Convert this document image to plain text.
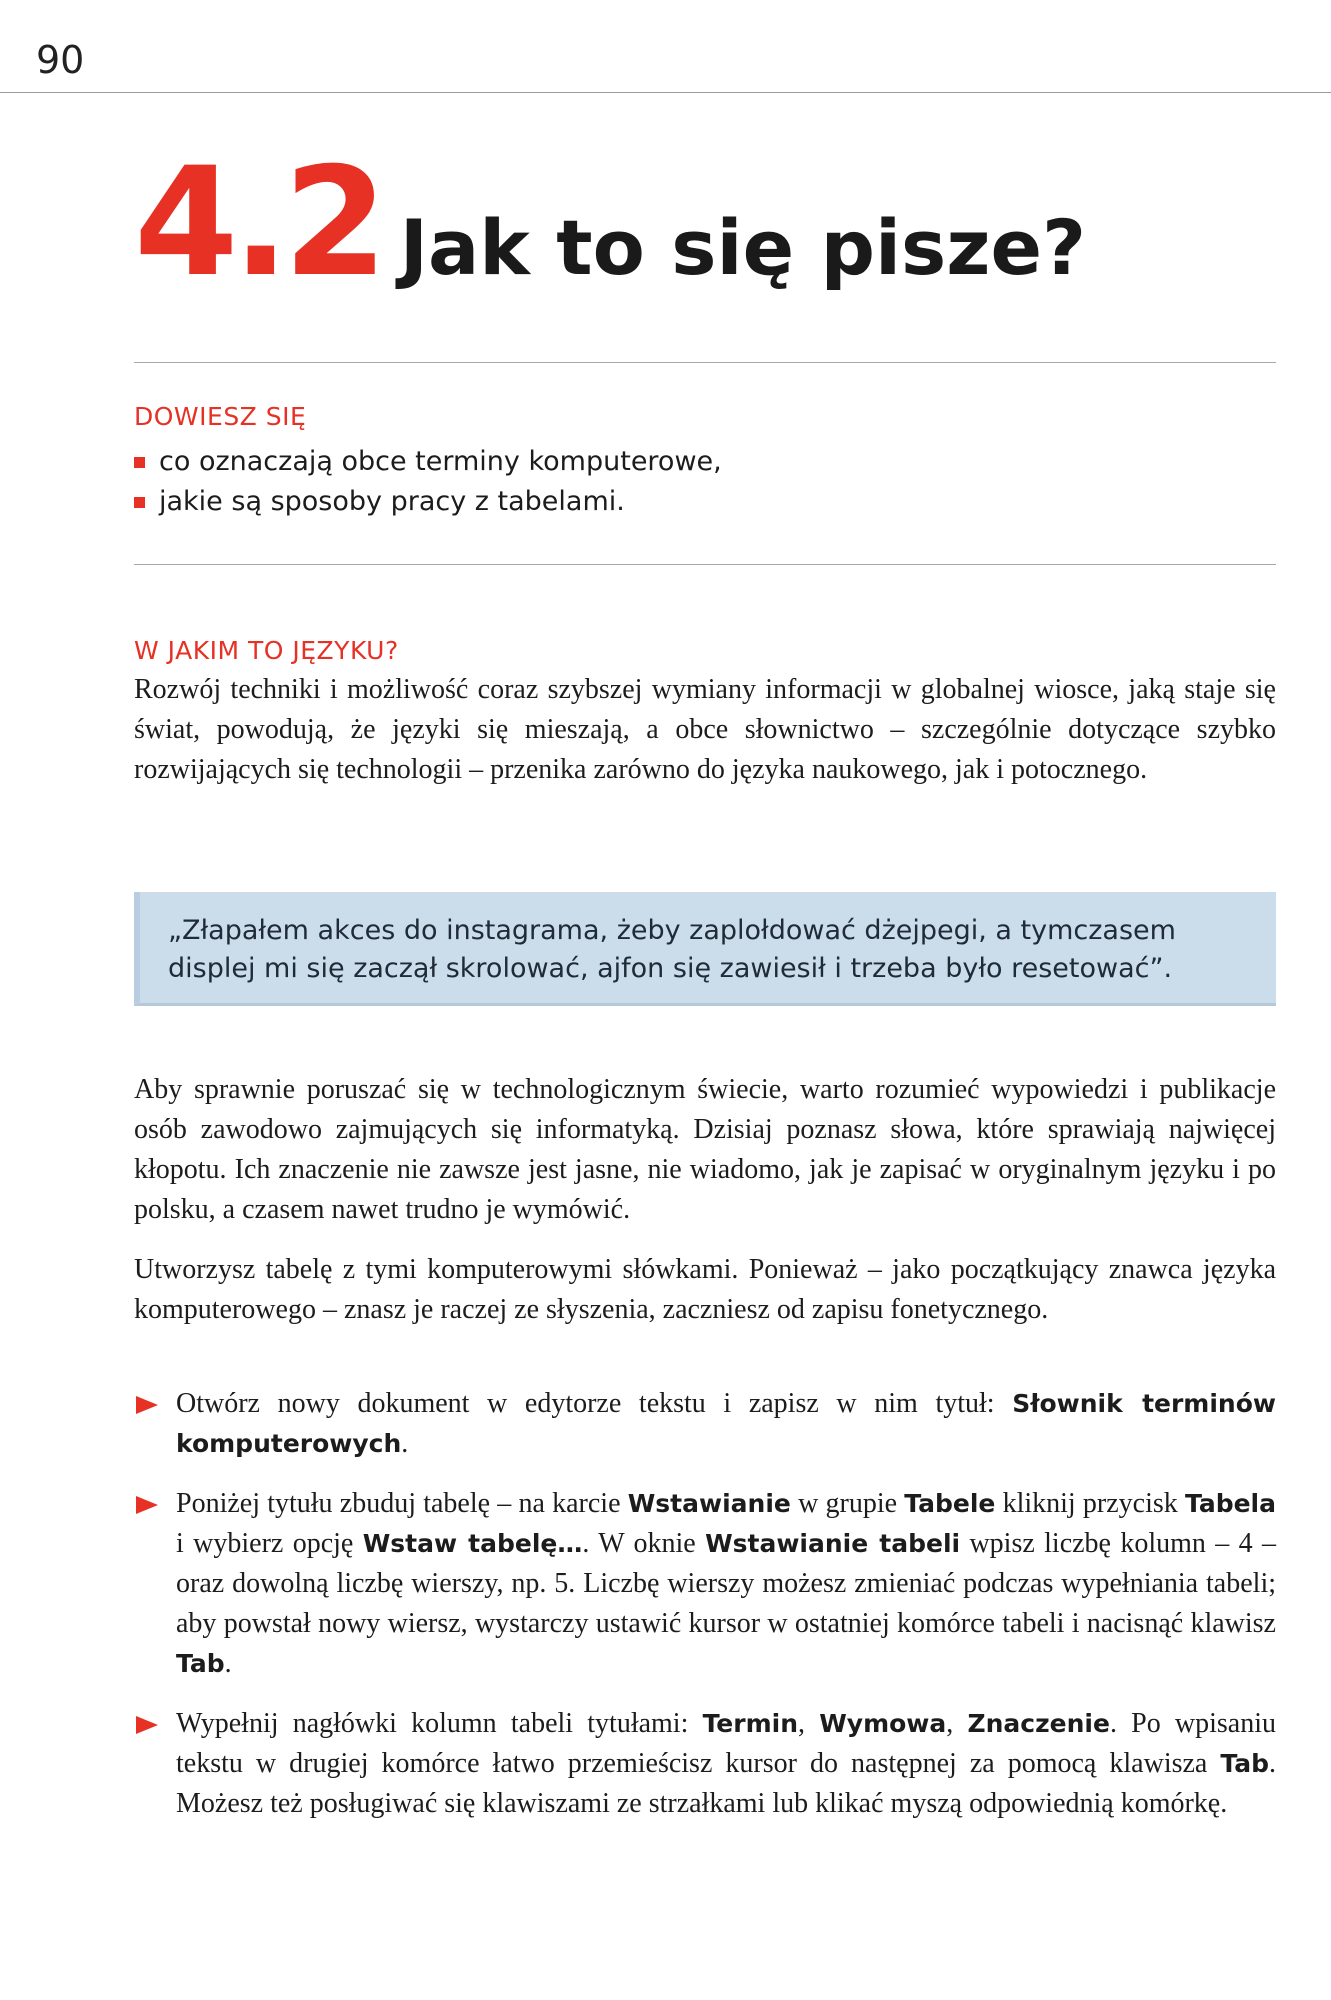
90
4.2 Jak to się pisze?
DOWIESZ SIĘ
co oznaczają obce terminy komputerowe,
jakie są sposoby pracy z tabelami.
W JAKIM TO JĘZYKU?

Rozwój techniki i możliwość coraz szybszej wymiany informacji w globalnej wiosce, jaką staje się świat, powodują, że języki się mieszają, a obce słownictwo – szczególnie dotyczące szybko rozwijających się technologii – przenika zarówno do języka naukowego, jak i potocznego.

„Złapałem akces do instagrama, żeby zaplołdować dżejpegi, a tymczasem displej mi się zaczął skrolować, ajfon się zawiesił i trzeba było resetować”.

Aby sprawnie poruszać się w technologicznym świecie, warto rozumieć wypowiedzi i publikacje osób zawodowo zajmujących się informatyką. Dzisiaj poznasz słowa, które sprawiają najwięcej kłopotu. Ich znaczenie nie zawsze jest jasne, nie wiadomo, jak je zapisać w oryginalnym języku i po polsku, a czasem nawet trudno je wymówić.

Utworzysz tabelę z tymi komputerowymi słówkami. Ponieważ – jako początkujący znawca języka komputerowego – znasz je raczej ze słyszenia, zaczniesz od zapisu fonetycznego.

Otwórz nowy dokument w edytorze tekstu i zapisz w nim tytuł: Słownik terminów komputerowych.
Poniżej tytułu zbuduj tabelę – na karcie Wstawianie w grupie Tabele kliknij przycisk Tabela i wybierz opcję Wstaw tabelę…. W oknie Wstawianie tabeli wpisz liczbę kolumn – 4 – oraz dowolną liczbę wierszy, np. 5. Liczbę wierszy możesz zmieniać podczas wypełniania tabeli; aby powstał nowy wiersz, wystarczy ustawić kursor w ostatniej komórce tabeli i nacisnąć klawisz Tab.
Wypełnij nagłówki kolumn tabeli tytułami: Termin, Wymowa, Znaczenie. Po wpisaniu tekstu w drugiej komórce łatwo przemieścisz kursor do następnej za pomocą klawisza Tab. Możesz też posługiwać się klawiszami ze strzałkami lub klikać myszą odpowiednią komórkę.
